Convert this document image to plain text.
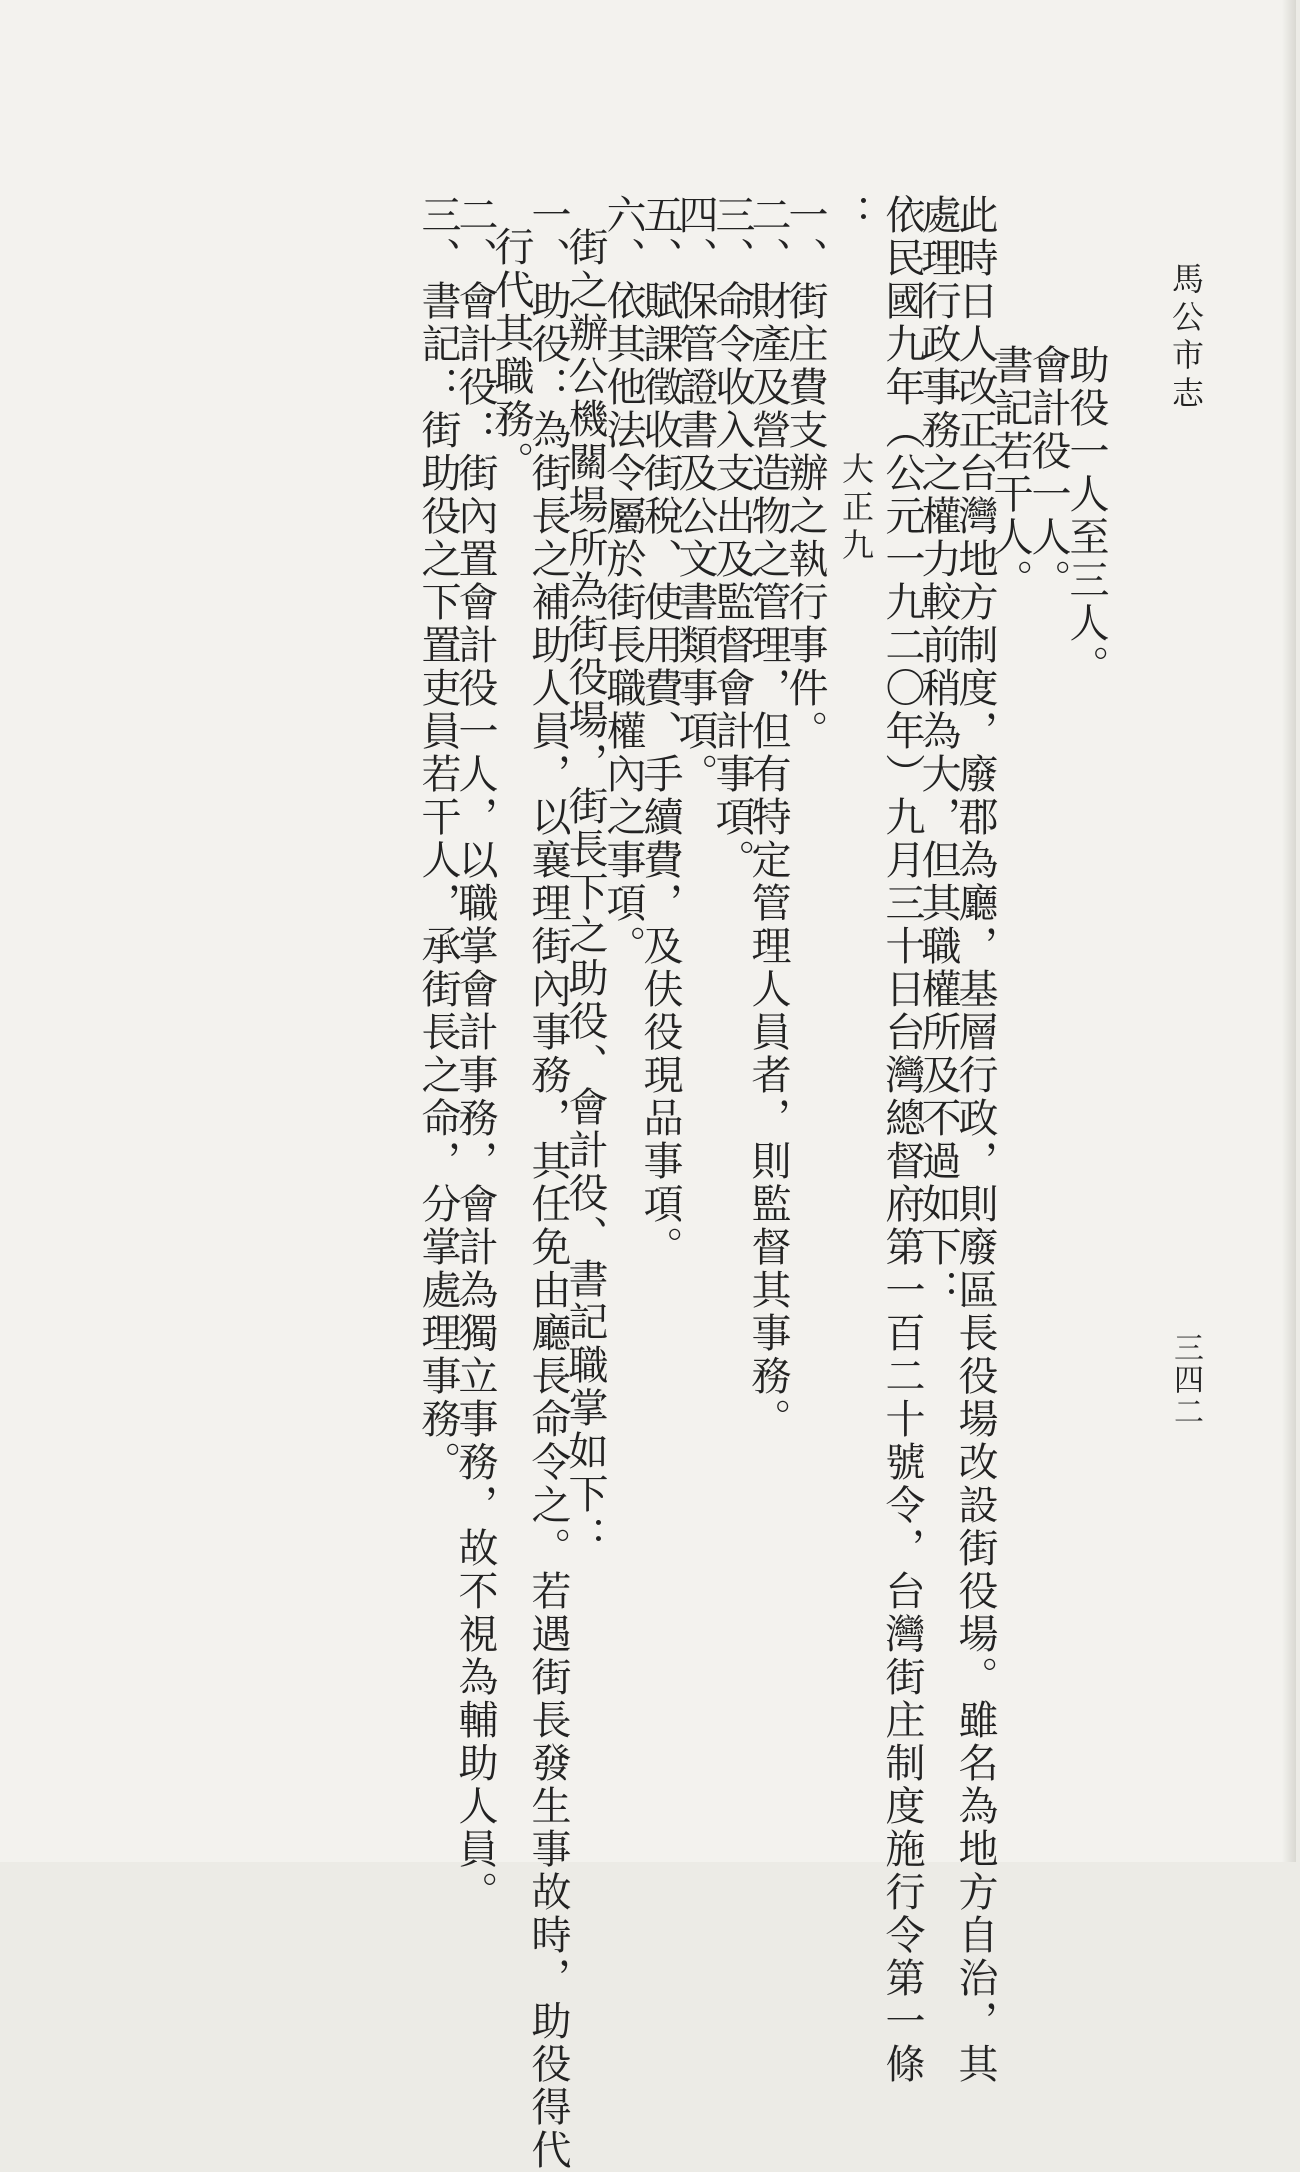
馬公市志
三四二
助役一人至三人。
會計役一人。
書記若干人。
此時日人改正台灣地方制度，廢郡為廳，基層行政，則廢區長役場改設街役場。雖名為地方自治，其
處理行政事務之權力較前稍為大，但其職權所及不過如下：
依民國九年（公元一九二〇年）九月三十日台灣總督府第一百二十號令，台灣街庄制度施行令第一條
大正九
：
一、街庄費支辦之執行事件。
二、財產及營造物之管理，但有特定管理人員者，則監督其事務。
三、命令收入支出及監督會計事項。
四、保管證書及公文書類事項。
五、賦課徵收街稅、使用費、手續費，及伕役現品事項。
六、依其他法令屬於街長職權內之事項。
街之辦公機關場所為街役場，街長下之助役、會計役、書記職掌如下：
一、助役：為街長之補助人員，以襄理街內事務，其任免由廳長命令之。若遇街長發生事故時，助役得代
行代其職務。
二、會計役：街內置會計役一人，以職掌會計事務，會計為獨立事務，故不視為輔助人員。
三、書記：街助役之下置吏員若干人，承街長之命，分掌處理事務。
